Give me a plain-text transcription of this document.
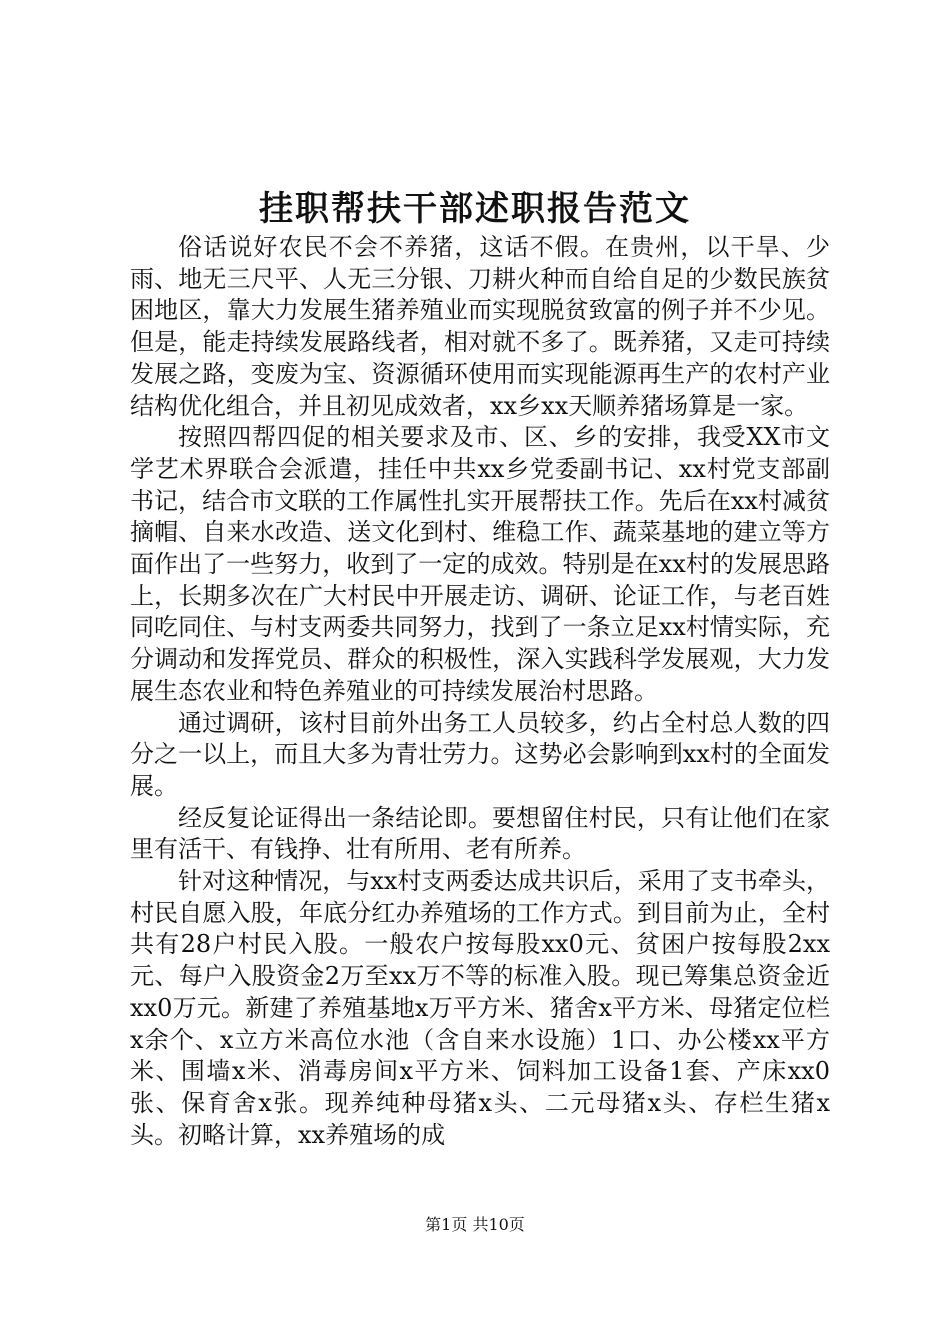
挂职帮扶干部述职报告范文

俗话说好农民不会不养猪，这话不假。在贵州，以干旱、少雨、地无三尺平、人无三分银、刀耕火种而自给自足的少数民族贫困地区，靠大力发展生猪养殖业而实现脱贫致富的例子并不少见。但是，能走持续发展路线者，相对就不多了。既养猪，又走可持续发展之路，变废为宝、资源循环使用而实现能源再生产的农村产业结构优化组合，并且初见成效者，xx乡xx天顺养猪场算是一家。

按照四帮四促的相关要求及市、区、乡的安排，我受XX市文学艺术界联合会派遣，挂任中共xx乡党委副书记、xx村党支部副书记，结合市文联的工作属性扎实开展帮扶工作。先后在xx村减贫摘帽、自来水改造、送文化到村、维稳工作、蔬菜基地的建立等方面作出了一些努力，收到了一定的成效。特别是在xx村的发展思路上，长期多次在广大村民中开展走访、调研、论证工作，与老百姓同吃同住、与村支两委共同努力，找到了一条立足xx村情实际，充分调动和发挥党员、群众的积极性，深入实践科学发展观，大力发展生态农业和特色养殖业的可持续发展治村思路。

通过调研，该村目前外出务工人员较多，约占全村总人数的四分之一以上，而且大多为青壮劳力。这势必会影响到xx村的全面发展。

经反复论证得出一条结论即。要想留住村民，只有让他们在家里有活干、有钱挣、壮有所用、老有所养。

针对这种情况，与xx村支两委达成共识后，采用了支书牵头，村民自愿入股，年底分红办养殖场的工作方式。到目前为止，全村共有28户村民入股。一般农户按每股xx0元、贫困户按每股2xx元、每户入股资金2万至xx万不等的标准入股。现已筹集总资金近xx0万元。新建了养殖基地x万平方米、猪舍x平方米、母猪定位栏x余个、x立方米高位水池（含自来水设施）1口、办公楼xx平方米、围墙x米、消毒房间x平方米、饲料加工设备1套、产床xx0张、保育舍x张。现养纯种母猪x头、二元母猪x头、存栏生猪x头。初略计算，xx养殖场的成

第1页 共10页
